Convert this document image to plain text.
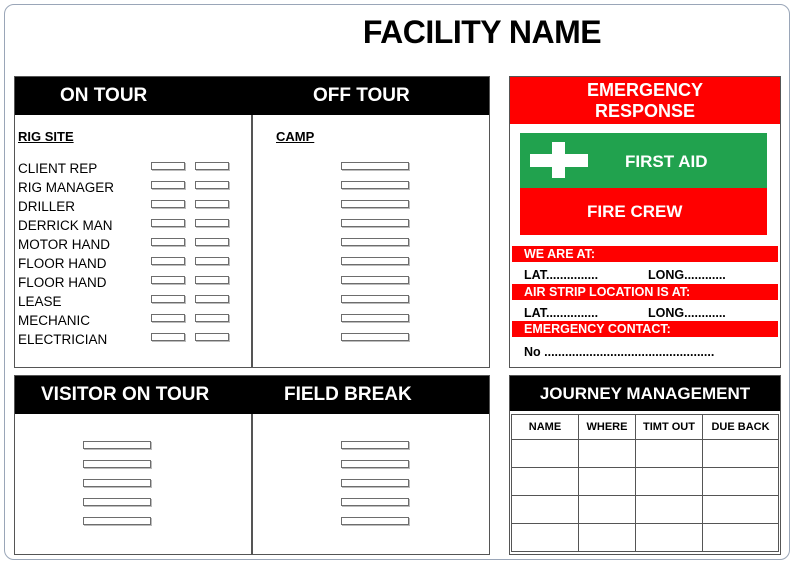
FACILITY NAME
ON TOUR	OFF TOUR
RIG SITE	CAMP
CLIENT REP
RIG MANAGER
DRILLER
DERRICK MAN
MOTOR HAND
FLOOR HAND
FLOOR HAND
LEASE
MECHANIC
ELECTRICIAN
EMERGENCY
RESPONSE
FIRST AID
FIRE CREW
WE ARE AT:
LAT...............	LONG............
AIR STRIP LOCATION IS AT:
LAT...............	LONG............
EMERGENCY CONTACT:
No .................................................
VISITOR ON TOUR	FIELD BREAK	JOURNEY MANAGEMENT
NAME	WHERE	TIMT OUT	DUE BACK
